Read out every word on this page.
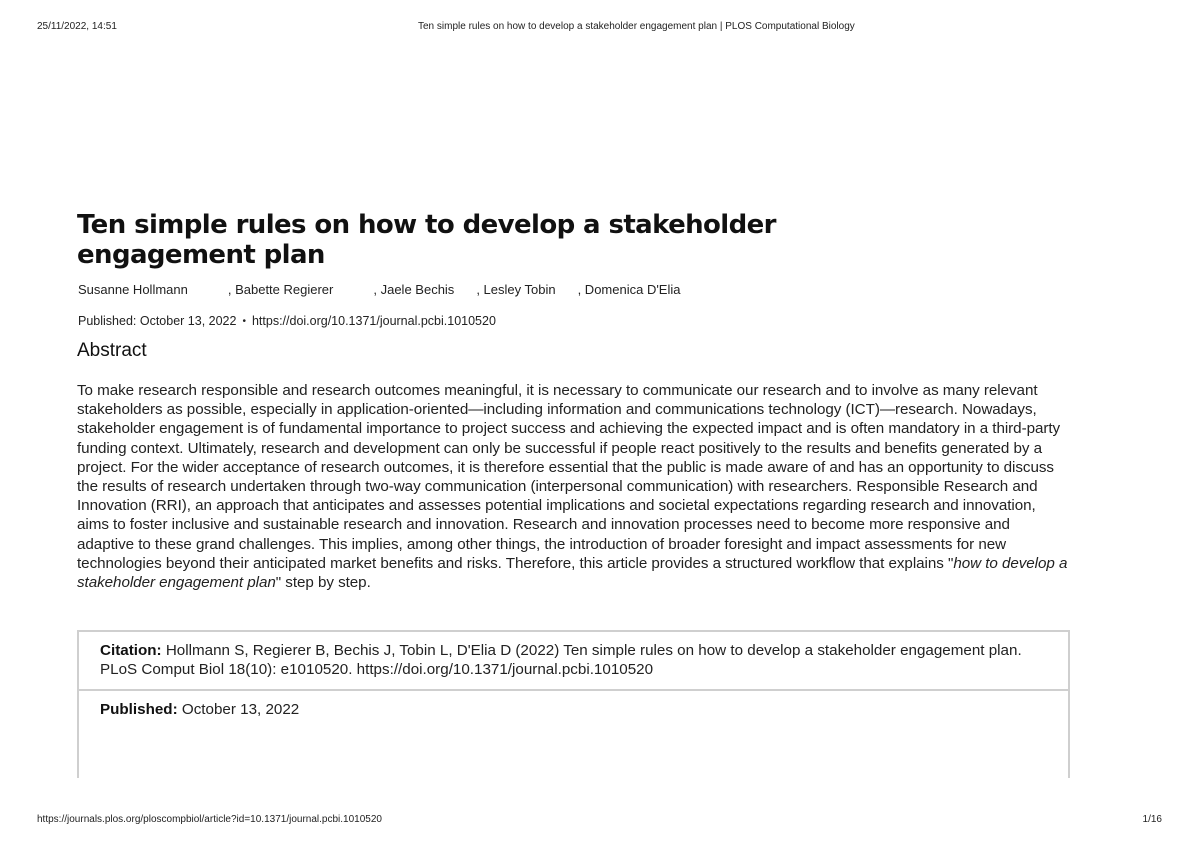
25/11/2022, 14:51	Ten simple rules on how to develop a stakeholder engagement plan | PLOS Computational Biology
Ten simple rules on how to develop a stakeholder engagement plan
Susanne Hollmann	, Babette Regierer	, Jaele Bechis , Lesley Tobin , Domenica D'Elia
Published: October 13, 2022 • https://doi.org/10.1371/journal.pcbi.1010520
Abstract

To make research responsible and research outcomes meaningful, it is necessary to communicate our research and to involve as many relevant stakeholders as possible, especially in application-oriented—including information and communications technology (ICT)—research. Nowadays, stakeholder engagement is of fundamental importance to project success and achieving the expected impact and is often mandatory in a third-party funding context. Ultimately, research and development can only be successful if people react positively to the results and benefits generated by a project. For the wider acceptance of research outcomes, it is therefore essential that the public is made aware of and has an opportunity to discuss the results of research undertaken through two-way communication (interpersonal communication) with researchers. Responsible Research and Innovation (RRI), an approach that anticipates and assesses potential implications and societal expectations regarding research and innovation, aims to foster inclusive and sustainable research and innovation. Research and innovation processes need to become more responsive and adaptive to these grand challenges. This implies, among other things, the introduction of broader foresight and impact assessments for new technologies beyond their anticipated market benefits and risks. Therefore, this article provides a structured workflow that explains "how to develop a stakeholder engagement plan" step by step.

Citation: Hollmann S, Regierer B, Bechis J, Tobin L, D'Elia D (2022) Ten simple rules on how to develop a stakeholder engagement plan. PLoS Comput Biol 18(10): e1010520. https://doi.org/10.1371/journal.pcbi.1010520
Published: October 13, 2022
https://journals.plos.org/ploscompbiol/article?id=10.1371/journal.pcbi.1010520	1/16
